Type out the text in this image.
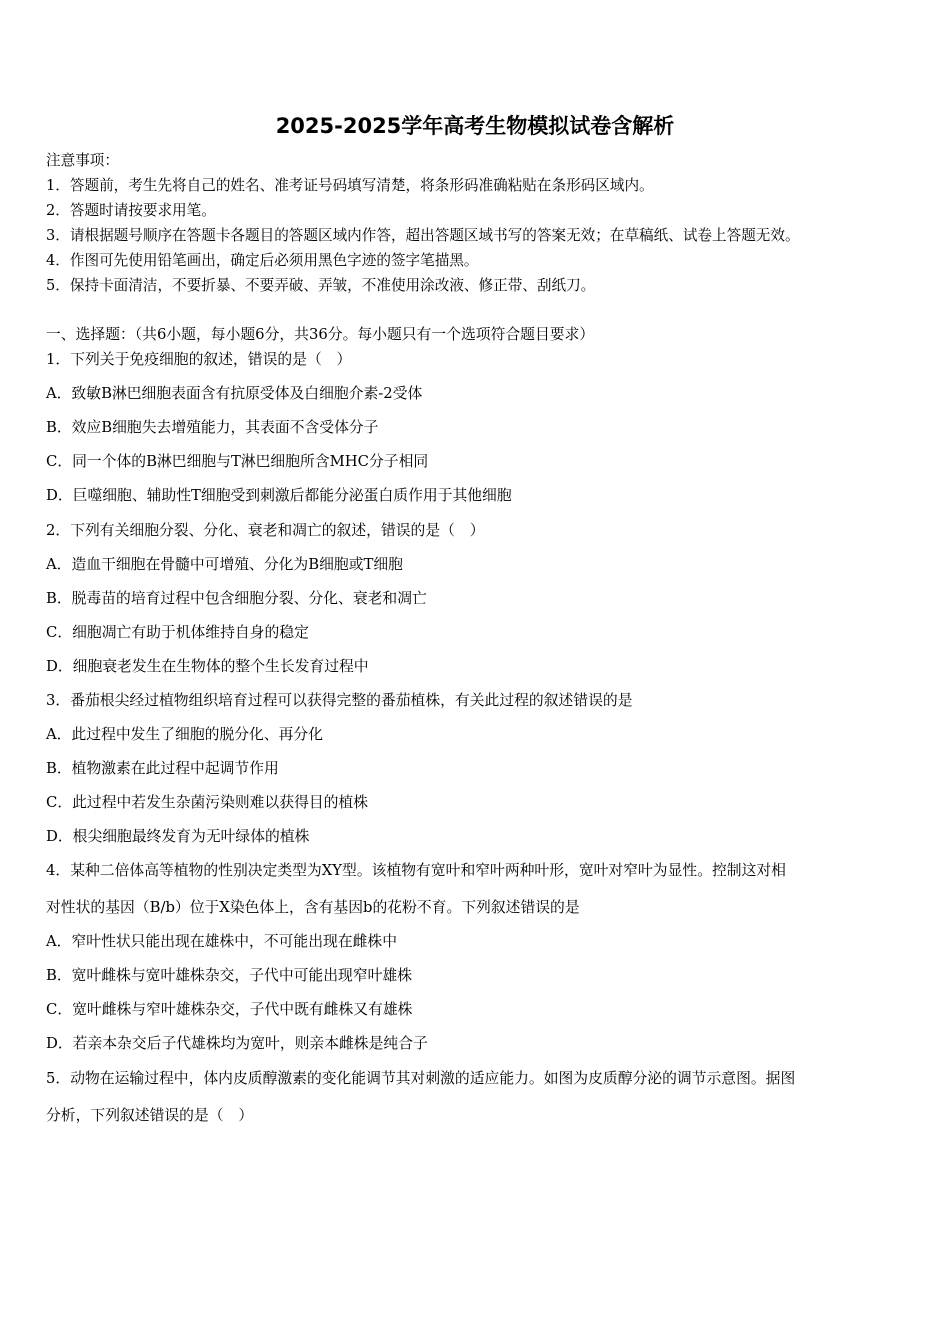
2025-2025学年高考生物模拟试卷含解析
注意事项：
1．答题前，考生先将自己的姓名、准考证号码填写清楚，将条形码准确粘贴在条形码区域内。
2．答题时请按要求用笔。
3．请根据题号顺序在答题卡各题目的答题区域内作答，超出答题区域书写的答案无效；在草稿纸、试卷上答题无效。
4．作图可先使用铅笔画出，确定后必须用黑色字迹的签字笔描黑。
5．保持卡面清洁，不要折暴、不要弄破、弄皱，不准使用涂改液、修正带、刮纸刀。
一、选择题：（共6小题，每小题6分，共36分。每小题只有一个选项符合题目要求）
1．下列关于免疫细胞的叙述，错误的是（　）
A．致敏B淋巴细胞表面含有抗原受体及白细胞介素-2受体
B．效应B细胞失去增殖能力，其表面不含受体分子
C．同一个体的B淋巴细胞与T淋巴细胞所含MHC分子相同
D．巨噬细胞、辅助性T细胞受到刺激后都能分泌蛋白质作用于其他细胞
2．下列有关细胞分裂、分化、衰老和凋亡的叙述，错误的是（　）
A．造血干细胞在骨髓中可增殖、分化为B细胞或T细胞
B．脱毒苗的培育过程中包含细胞分裂、分化、衰老和凋亡
C．细胞凋亡有助于机体维持自身的稳定
D．细胞衰老发生在生物体的整个生长发育过程中
3．番茄根尖经过植物组织培育过程可以获得完整的番茄植株，有关此过程的叙述错误的是
A．此过程中发生了细胞的脱分化、再分化
B．植物激素在此过程中起调节作用
C．此过程中若发生杂菌污染则难以获得目的植株
D．根尖细胞最终发育为无叶绿体的植株
4．某种二倍体高等植物的性别决定类型为XY型。该植物有宽叶和窄叶两种叶形，宽叶对窄叶为显性。控制这对相
对性状的基因（B/b）位于X染色体上，含有基因b的花粉不育。下列叙述错误的是
A．窄叶性状只能出现在雄株中，不可能出现在雌株中
B．宽叶雌株与宽叶雄株杂交，子代中可能出现窄叶雄株
C．宽叶雌株与窄叶雄株杂交，子代中既有雌株又有雄株
D．若亲本杂交后子代雄株均为宽叶，则亲本雌株是纯合子
5．动物在运输过程中，体内皮质醇激素的变化能调节其对刺激的适应能力。如图为皮质醇分泌的调节示意图。据图
分析，下列叙述错误的是（　）
